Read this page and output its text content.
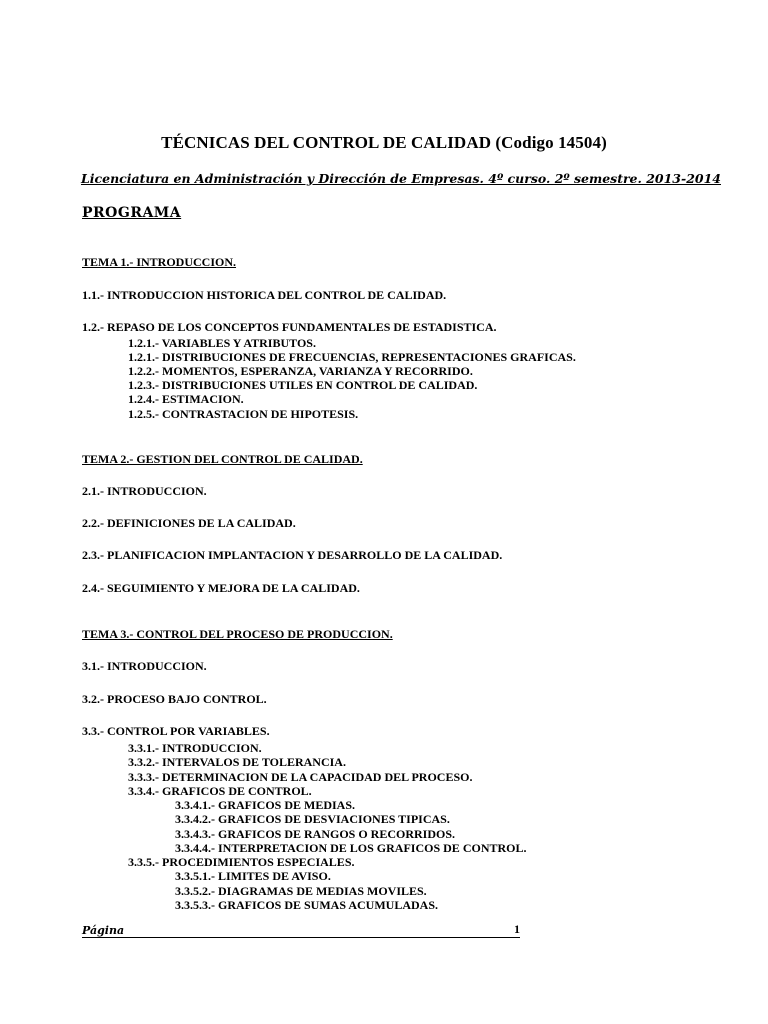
TÉCNICAS DEL CONTROL DE CALIDAD (Codigo 14504)
Licenciatura en Administración y Dirección de Empresas. 4º curso. 2º semestre. 2013-2014
PROGRAMA
TEMA 1.- INTRODUCCION.
1.1.- INTRODUCCION HISTORICA DEL CONTROL DE CALIDAD.
1.2.- REPASO DE LOS CONCEPTOS FUNDAMENTALES DE ESTADISTICA.
1.2.1.- VARIABLES Y ATRIBUTOS.
1.2.1.- DISTRIBUCIONES DE FRECUENCIAS, REPRESENTACIONES GRAFICAS.
1.2.2.- MOMENTOS, ESPERANZA, VARIANZA Y RECORRIDO.
1.2.3.- DISTRIBUCIONES UTILES EN CONTROL DE CALIDAD.
1.2.4.- ESTIMACION.
1.2.5.- CONTRASTACION DE HIPOTESIS.
TEMA 2.- GESTION DEL CONTROL DE CALIDAD.
2.1.- INTRODUCCION.
2.2.- DEFINICIONES DE LA CALIDAD.
2.3.- PLANIFICACION IMPLANTACION Y DESARROLLO DE LA CALIDAD.
2.4.- SEGUIMIENTO Y MEJORA DE LA CALIDAD.
TEMA 3.- CONTROL DEL PROCESO DE PRODUCCION.
3.1.- INTRODUCCION.
3.2.- PROCESO BAJO CONTROL.
3.3.- CONTROL POR VARIABLES.
3.3.1.- INTRODUCCION.
3.3.2.- INTERVALOS DE TOLERANCIA.
3.3.3.- DETERMINACION DE LA CAPACIDAD DEL PROCESO.
3.3.4.- GRAFICOS DE CONTROL.
3.3.4.1.- GRAFICOS DE MEDIAS.
3.3.4.2.- GRAFICOS DE DESVIACIONES TIPICAS.
3.3.4.3.- GRAFICOS DE RANGOS O RECORRIDOS.
3.3.4.4.- INTERPRETACION DE LOS GRAFICOS DE CONTROL.
3.3.5.- PROCEDIMIENTOS ESPECIALES.
3.3.5.1.- LIMITES DE AVISO.
3.3.5.2.- DIAGRAMAS DE MEDIAS MOVILES.
3.3.5.3.- GRAFICOS DE SUMAS ACUMULADAS.
Página	1
